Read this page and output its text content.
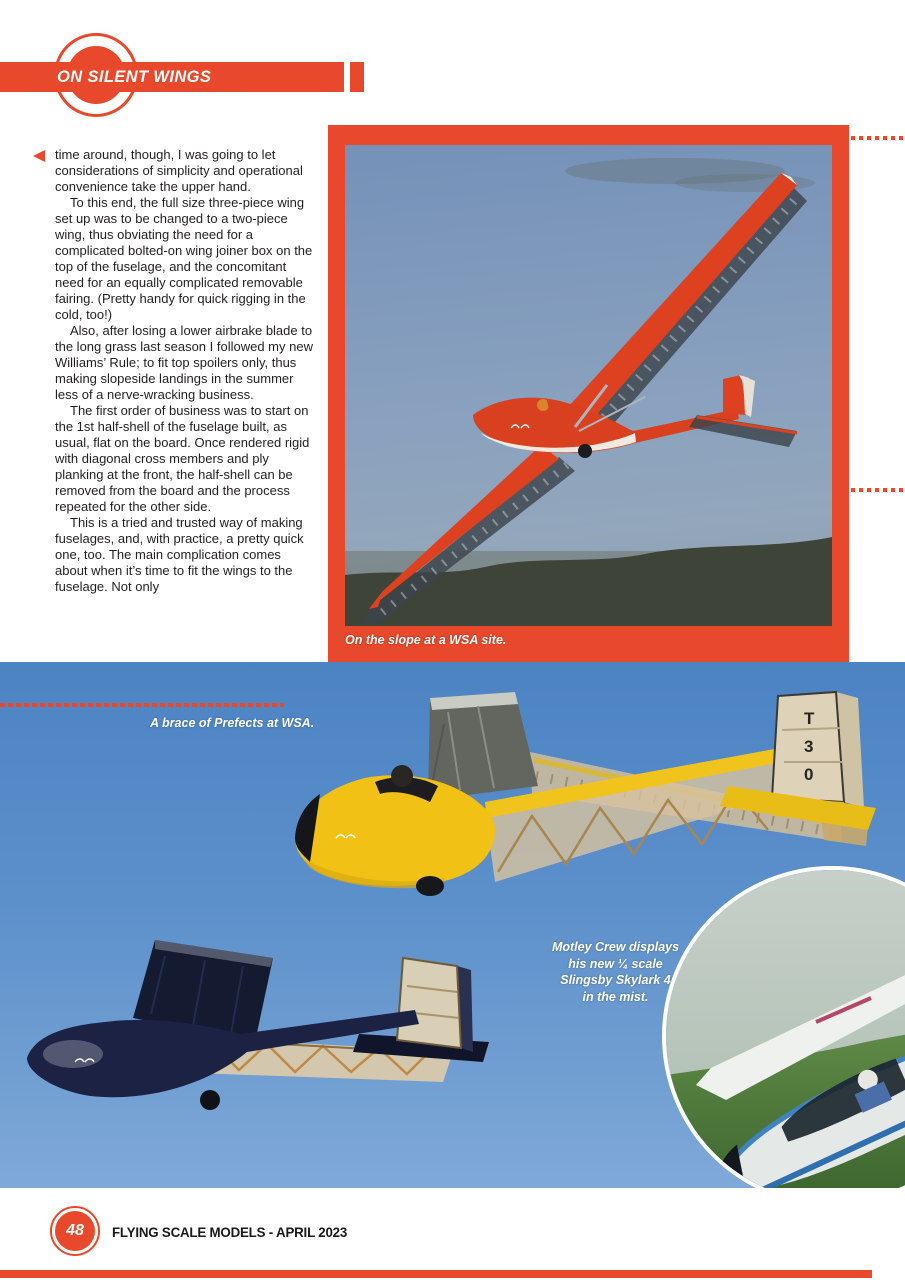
ON SILENT WINGS

time around, though, I was going to let considerations of simplicity and operational convenience take the upper hand.

To this end, the full size three-piece wing set up was to be changed to a two-piece wing, thus obviating the need for a complicated bolted-on wing joiner box on the top of the fuselage, and the concomitant need for an equally complicated removable fairing. (Pretty handy for quick rigging in the cold, too!)

Also, after losing a lower airbrake blade to the long grass last season I followed my new Williams’ Rule; to fit top spoilers only, thus making slopeside landings in the summer less of a nerve-wracking business.

The first order of business was to start on the 1st half-shell of the fuselage built, as usual, flat on the board. Once rendered rigid with diagonal cross members and ply planking at the front, the half-shell can be removed from the board and the process repeated for the other side.

This is a tried and trusted way of making fuselages, and, with practice, a pretty quick one, too. The main complication comes about when it’s time to fit the wings to the fuselage. Not only

On the slope at a WSA site.
T
3
0
A brace of Prefects at WSA.
Motley Crew displays
his new ¼ scale
Slingsby Skylark 4
in the mist.
48	FLYING SCALE MODELS - APRIL 2023
